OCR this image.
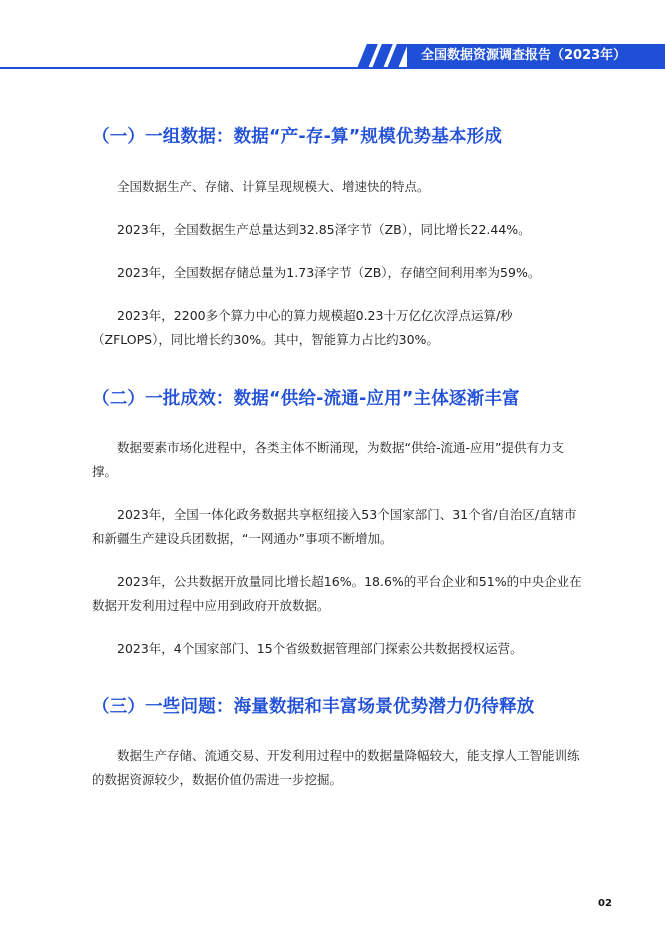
全国数据资源调查报告（2023年）
（一）一组数据：数据“产-存-算”规模优势基本形成

全国数据生产、存储、计算呈现规模大、增速快的特点。

2023年，全国数据生产总量达到32.85泽字节（ZB），同比增长22.44%。

2023年，全国数据存储总量为1.73泽字节（ZB），存储空间利用率为59%。

2023年，2200多个算力中心的算力规模超0.23十万亿亿次浮点运算/秒（ZFLOPS），同比增长约30%。其中，智能算力占比约30%。

（二）一批成效：数据“供给-流通-应用”主体逐渐丰富

数据要素市场化进程中，各类主体不断涌现，为数据“供给-流通-应用”提供有力支撑。

2023年，全国一体化政务数据共享枢纽接入53个国家部门、31个省/自治区/直辖市和新疆生产建设兵团数据，“一网通办”事项不断增加。

2023年，公共数据开放量同比增长超16%。18.6%的平台企业和51%的中央企业在数据开发利用过程中应用到政府开放数据。

2023年，4个国家部门、15个省级数据管理部门探索公共数据授权运营。

（三）一些问题：海量数据和丰富场景优势潜力仍待释放

数据生产存储、流通交易、开发利用过程中的数据量降幅较大，能支撑人工智能训练的数据资源较少，数据价值仍需进一步挖掘。

02
